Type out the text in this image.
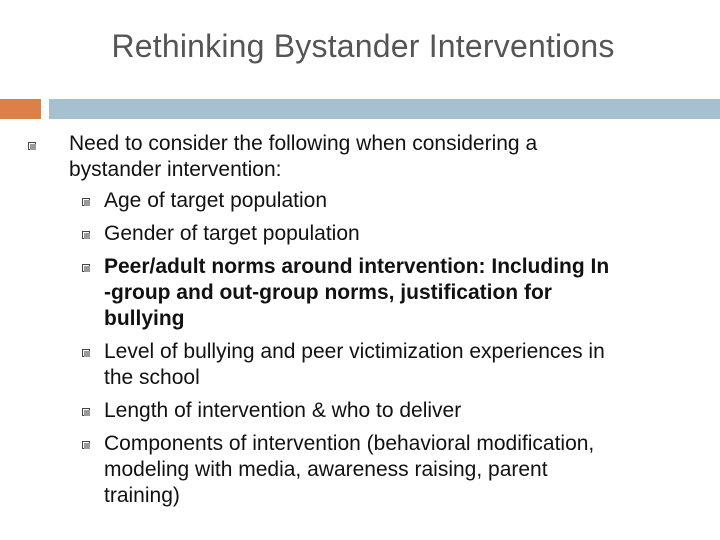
Rethinking Bystander Interventions
Need to consider the following when considering a
bystander intervention:
Age of target population
Gender of target population
Peer/adult norms around intervention: Including In
-group and out-group norms, justification for
bullying
Level of bullying and peer victimization experiences in
the school
Length of intervention & who to deliver
Components of intervention (behavioral modification,
modeling with media, awareness raising, parent
training)
